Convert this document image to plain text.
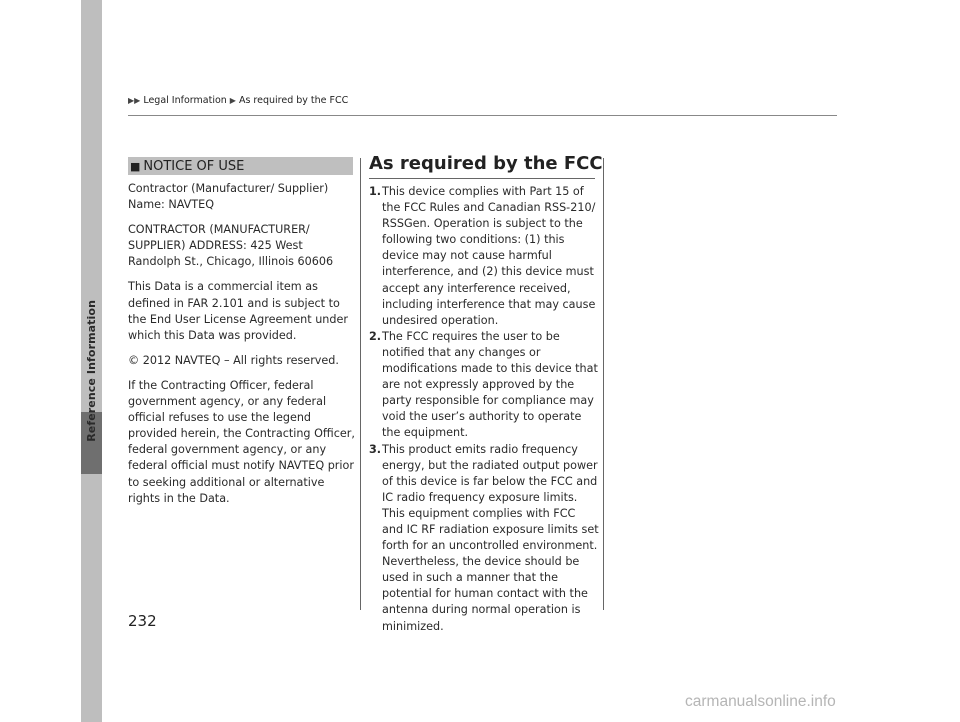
Reference Information
▶▶ Legal Information ▶ As required by the FCC
■ NOTICE OF USE

Contractor (Manufacturer/ Supplier) Name: NAVTEQ

CONTRACTOR (MANUFACTURER/ SUPPLIER) ADDRESS: 425 West Randolph St., Chicago, Illinois 60606

This Data is a commercial item as defined in FAR 2.101 and is subject to the End User License Agreement under which this Data was provided.

© 2012 NAVTEQ – All rights reserved.

If the Contracting Officer, federal government agency, or any federal official refuses to use the legend provided herein, the Contracting Officer, federal government agency, or any federal official must notify NAVTEQ prior to seeking additional or alternative rights in the Data.

As required by the FCC
1. This device complies with Part 15 of the FCC Rules and Canadian RSS-210/ RSSGen. Operation is subject to the following two conditions: (1) this device may not cause harmful interference, and (2) this device must accept any interference received, including interference that may cause undesired operation.
2. The FCC requires the user to be notified that any changes or modifications made to this device that are not expressly approved by the party responsible for compliance may void the user’s authority to operate the equipment.
3. This product emits radio frequency energy, but the radiated output power of this device is far below the FCC and IC radio frequency exposure limits. This equipment complies with FCC and IC RF radiation exposure limits set forth for an uncontrolled environment. Nevertheless, the device should be used in such a manner that the potential for human contact with the antenna during normal operation is minimized.
232
carmanualsonline.info
